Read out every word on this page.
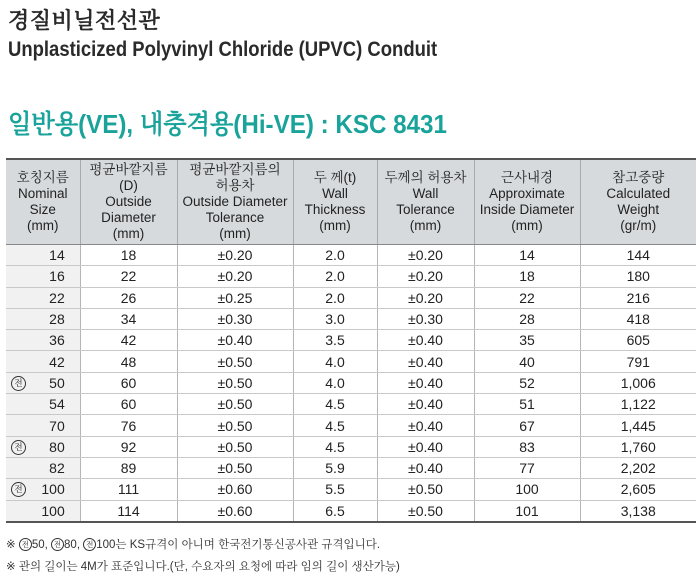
경질비닐전선관
Unplasticized Polyvinyl Chloride (UPVC) Conduit
일반용(VE), 내충격용(Hi-VE) : KSC 8431
호칭지름
Nominal
Size
(mm)	평균바깥지름(D)
Outside
Diameter
(mm)	평균바깥지름의
허용차
Outside Diameter
Tolerance
(mm)	두 께(t)
Wall
Thickness
(mm)	두께의 허용차
Wall
Tolerance
(mm)	근사내경
Approximate
Inside Diameter
(mm)	참고중량
Calculated
Weight
(gr/m)

14	18	±0.20	2.0	±0.20	14	144
16	22	±0.20	2.0	±0.20	18	180
22	26	±0.25	2.0	±0.20	22	216
28	34	±0.30	3.0	±0.30	28	418
36	42	±0.40	3.5	±0.40	35	605
42	48	±0.50	4.0	±0.40	40	791

전 50	60	±0.50	4.0	±0.40	52	1,006
54	60	±0.50	4.5	±0.40	51	1,122
70	76	±0.50	4.5	±0.40	67	1,445

전 80	92	±0.50	4.5	±0.40	83	1,760
82	89	±0.50	5.9	±0.40	77	2,202

전 100	111	±0.60	5.5	±0.50	100	2,605
100	114	±0.60	6.5	±0.50	101	3,138
※ 전 50, 전 80, 전 100는 KS규격이 아니며 한국전기통신공사관 규격입니다.
※ 관의 길이는 4M가 표준입니다.(단, 수요자의 요청에 따라 임의 길이 생산가능)
